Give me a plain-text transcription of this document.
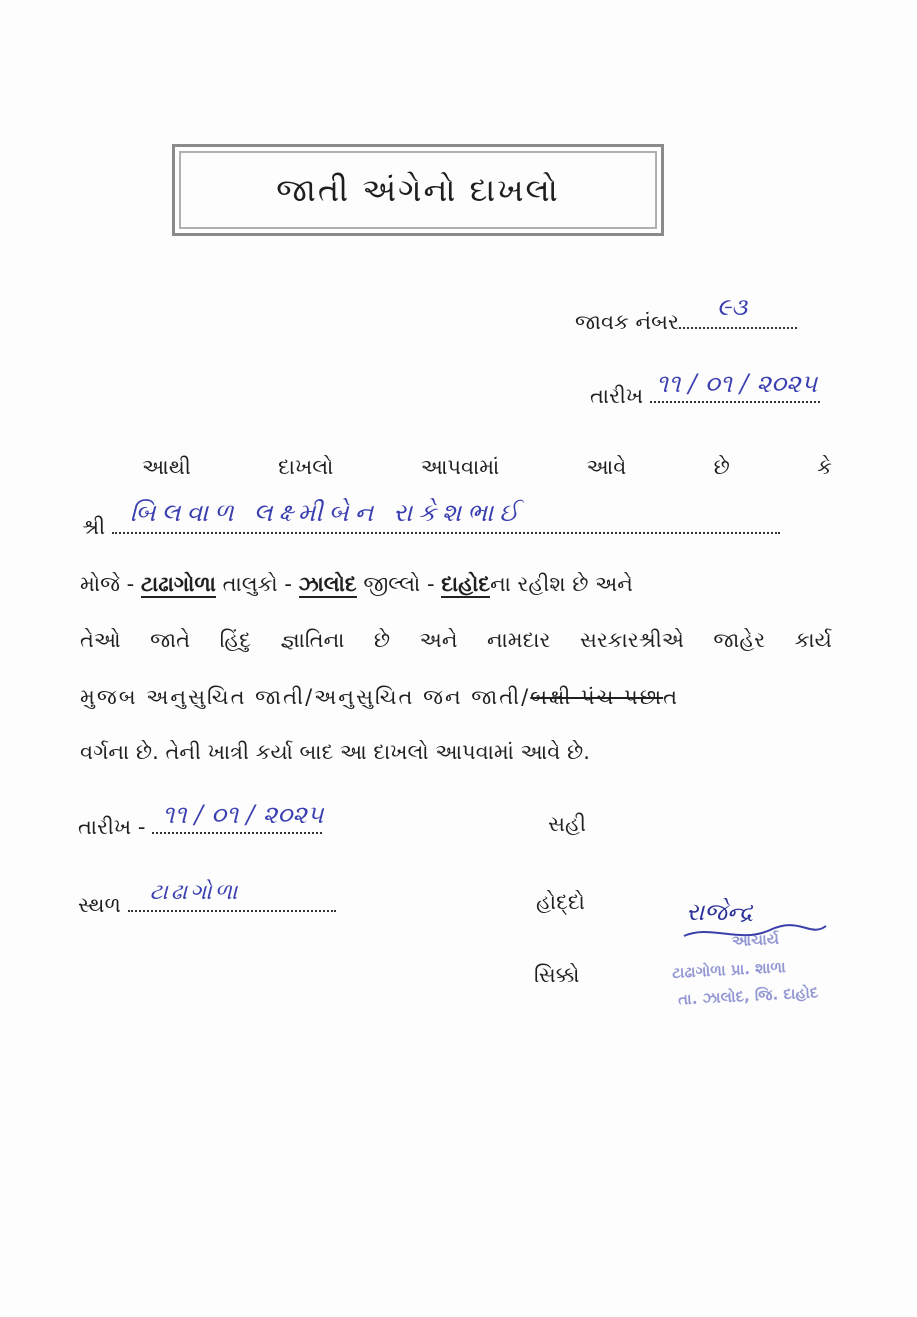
જાતી અંગેનો દાખલો
જાવક નંબર
૯૩
તારીખ ૧૧ / ૦૧ / ૨૦૨૫
આથી	દાખલો	આપવામાં	આવે	છે	કે
શ્રી બિલવાળ લક્ષ્મીબેન રાકેશભાઈ
મોજે - ટાઢાગોળા તાલુકો - ઝાલોદ જીલ્લો - દાહોદના રહીશ છે અને
તેઓ જાતે હિંદુ જ્ઞાતિના છે અને નામદાર સરકારશ્રીએ જાહેર કાર્ય
મુજબ અનુસુચિત જાતી/અનુસુચિત જન જાતી/બક્ષી પંચ પછાત
વર્ગના છે. તેની ખાત્રી કર્યા બાદ આ દાખલો આપવામાં આવે છે.
તારીખ - ૧૧ / ૦૧ / ૨૦૨૫
સ્થળ ટાઢાગોળા
સહી
હોદ્દો
સિક્કો
રાજેન્દ્ર
આચાર્ય
ટાઢાગોળા પ્રા. શાળા
તા. ઝાલોદ, જિ. દાહોદ
